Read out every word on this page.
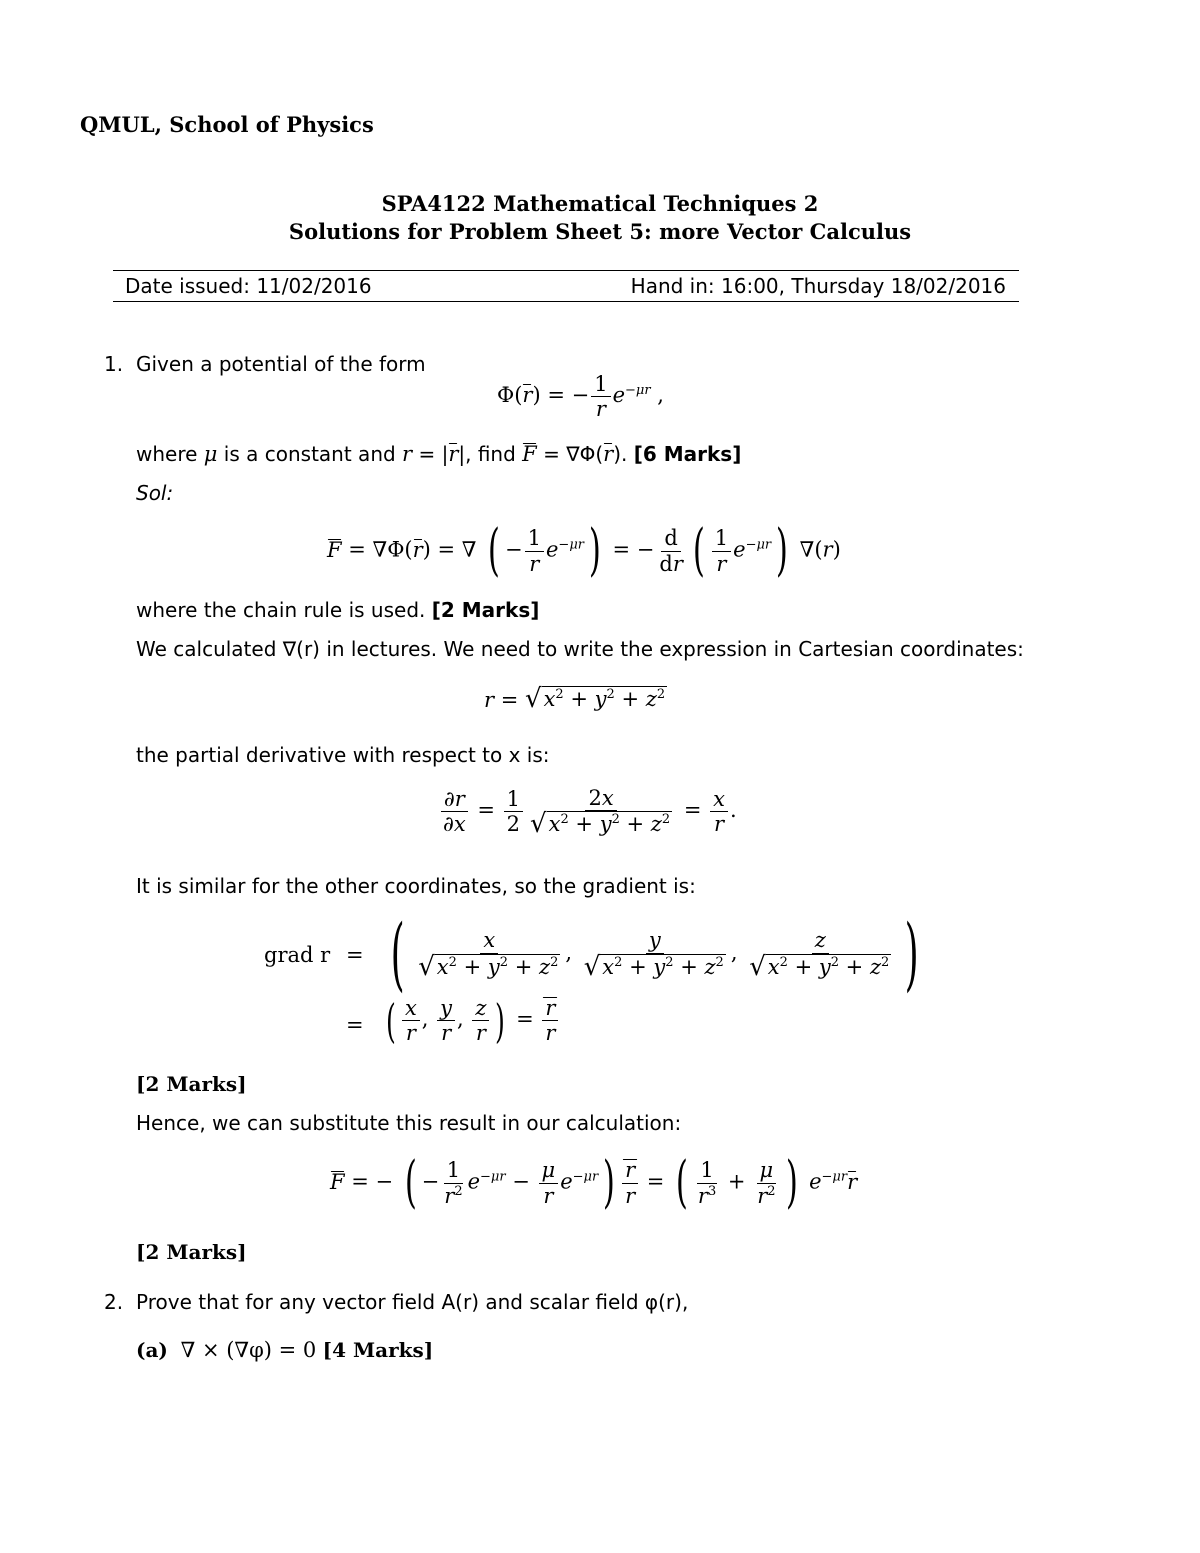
QMUL, School of Physics
SPA4122 Mathematical Techniques 2
Solutions for Problem Sheet 5: more Vector Calculus
Date issued: 11/02/2016	Hand in: 16:00, Thursday 18/02/2016
1. Given a potential of the form
Φ(r) = − $\frac{1}{r} e^{-\mu r}$ ,
where μ is a constant and r = |r|, find F = ∇Φ(r). [6 Marks]
Sol:
F = ∇Φ(r) = ∇ ( − $\frac{1}{r} e^{-\mu r}$) = − $\frac{d}{dr}$ ( $\frac{1}{r} e^{-\mu r}$) ∇(r)
where the chain rule is used. [2 Marks]
We calculated ∇(r) in lectures. We need to write the expression in Cartesian coordinates:
r = √ $x^2 + y^2 + z^2$
the partial derivative with respect to x is:
$\frac{\partial r}{\partial x} = \frac{1}{2} \frac{2x}{√ x^2 + y^2 + z^2} = \frac{x}{r}$ .
It is similar for the other coordinates, so the gradient is:
grad r = ( $\frac{x}{√ x^2 + y^2 + z^2}$ , $\frac{y}{√ x^2 + y^2 + z^2}$ , $\frac{z}{√ x^2 + y^2 + z^2}$ )
= ( $\frac{x}{r}$ , $\frac{y}{r}$ , $\frac{z}{r}$ ) = $\frac{r}{r}$
[2 Marks]
Hence, we can substitute this result in our calculation:
F = − ( − $\frac{1}{r^2} e^{-\mu r} - \frac{\mu}{r} e^{-\mu r}) \frac{r}{r}$ = ( $\frac{1}{r^3} + \frac{\mu}{r^2}$ ) $e^{-\mu r}r$
[2 Marks]
2. Prove that for any vector field A(r) and scalar field φ(r),
(a) ∇ × (∇φ) = 0 [4 Marks]
